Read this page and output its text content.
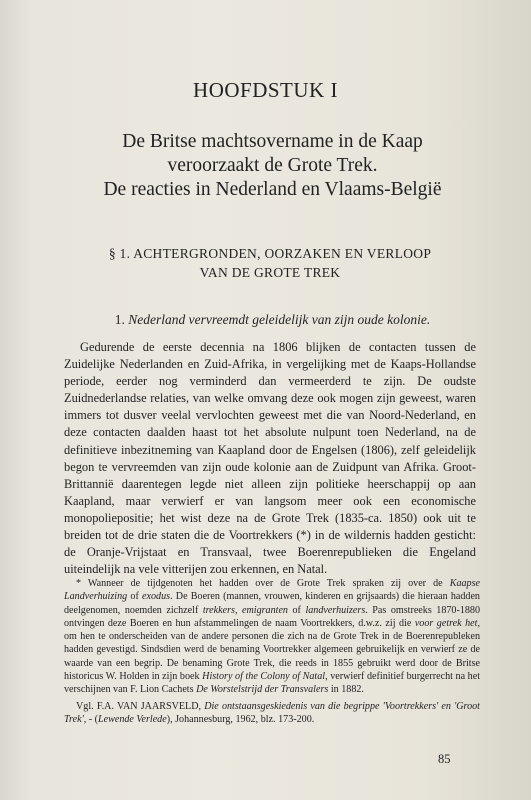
HOOFDSTUK I
De Britse machtsovername in de Kaap
veroorzaakt de Grote Trek.
De reacties in Nederland en Vlaams-België
§ 1. ACHTERGRONDEN, OORZAKEN EN VERLOOP
VAN DE GROTE TREK
1. Nederland vervreemdt geleidelijk van zijn oude kolonie.

Gedurende de eerste decennia na 1806 blijken de contacten tussen de Zuidelijke Nederlanden en Zuid-Afrika, in vergelijking met de Kaaps-Hollandse periode, eerder nog verminderd dan vermeerderd te zijn. De oudste Zuidnederlandse relaties, van welke omvang deze ook mogen zijn geweest, waren immers tot dusver veelal vervlochten geweest met die van Noord-Nederland, en deze contacten daalden haast tot het absolute nulpunt toen Nederland, na de definitieve inbezitneming van Kaapland door de Engelsen (1806), zelf geleidelijk begon te vervreemden van zijn oude kolonie aan de Zuidpunt van Afrika. Groot-Brittannië daarentegen legde niet alleen zijn politieke heerschappij op aan Kaapland, maar verwierf er van langsom meer ook een economische monopoliepositie; het wist deze na de Grote Trek (1835-ca. 1850) ook uit te breiden tot de drie staten die de Voortrekkers (*) in de wildernis hadden gesticht: de Oranje-Vrijstaat en Transvaal, twee Boerenrepublieken die Engeland uiteindelijk na vele vitterijen zou erkennen, en Natal.

* Wanneer de tijdgenoten het hadden over de Grote Trek spraken zij over de Kaapse Landverhuizing of exodus. De Boeren (mannen, vrouwen, kinderen en grijsaards) die hieraan hadden deelgenomen, noemden zichzelf trekkers, emigranten of landverhuizers. Pas omstreeks 1870-1880 ontvingen deze Boeren en hun afstammelingen de naam Voortrekkers, d.w.z. zij die voor getrek het, om hen te onderscheiden van de andere personen die zich na de Grote Trek in de Boerenrepubleken hadden gevestigd. Sindsdien werd de benaming Voortrekker algemeen gebruikelijk en verwierf ze de waarde van een begrip. De benaming Grote Trek, die reeds in 1855 gebruikt werd door de Britse historicus W. Holden in zijn boek History of the Colony of Natal, verwierf definitief burgerrecht na het verschijnen van F. Lion Cachets De Worstelstrijd der Transvalers in 1882.

Vgl. F.A. VAN JAARSVELD, Die ontstaansgeskiedenis van die begrippe 'Voortrekkers' en 'Groot Trek', - (Lewende Verlede), Johannesburg, 1962, blz. 173-200.

85
